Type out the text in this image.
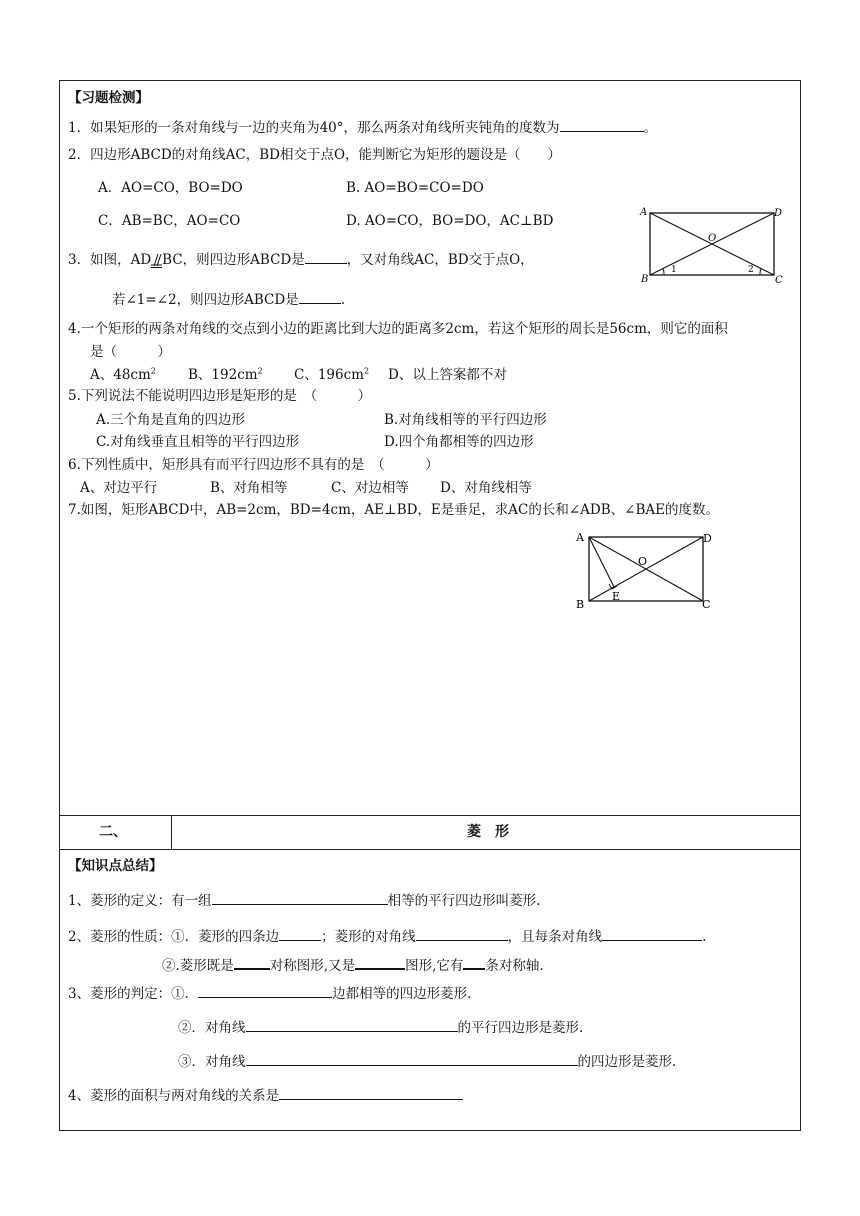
【习题检测】
1．如果矩形的一条对角线与一边的夹角为40°，那么两条对角线所夹钝角的度数为	。
2．四边形ABCD的对角线AC，BD相交于点O，能判断它为矩形的题设是（　　）
A．AO=CO，BO=DO	B. AO=BO=CO=DO
C．AB=BC，AO=CO	D. AO=CO，BO=DO，AC⊥BD
3．如图，AD BC，则四边形ABCD是	，又对角线AC，BD交于点O，
若∠1=∠2，则四边形ABCD是	.
A	D
B	C
O
1	2
4.一个矩形的两条对角线的交点到小边的距离比到大边的距离多2cm，若这个矩形的周长是56cm，则它的面积
是（　　　）
A、$48cm^2$ B、$192cm^2$ C、$196cm^2$ D、以上答案都不对
5.下列说法不能说明四边形是矩形的是　（　　　）
A.三个角是直角的四边形	B.对角线相等的平行四边形
C.对角线垂直且相等的平行四边形	D.四个角都相等的四边形
6.下列性质中，矩形具有而平行四边形不具有的是　（　　　）
A、对边平行	B、对角相等	C、对边相等 D、对角线相等
7.如图，矩形ABCD中，AB=2cm，BD=4cm，AE⊥BD，E是垂足，求AC的长和∠ADB、∠BAE的度数。
A	D
B	C
O
E
二、	菱　形
【知识点总结】
1、菱形的定义：有一组	相等的平行四边形叫菱形.
2、菱形的性质：①．菱形的四条边	；菱形的对角线	，且每条对角线	.
②.菱形既是	对称图形,又是	图形,它有 条对称轴.
3、菱形的判定：①．	边都相等的四边形菱形.
②．对角线	的平行四边形是菱形.
③．对角线	的四边形是菱形.
4、菱形的面积与两对角线的关系是
